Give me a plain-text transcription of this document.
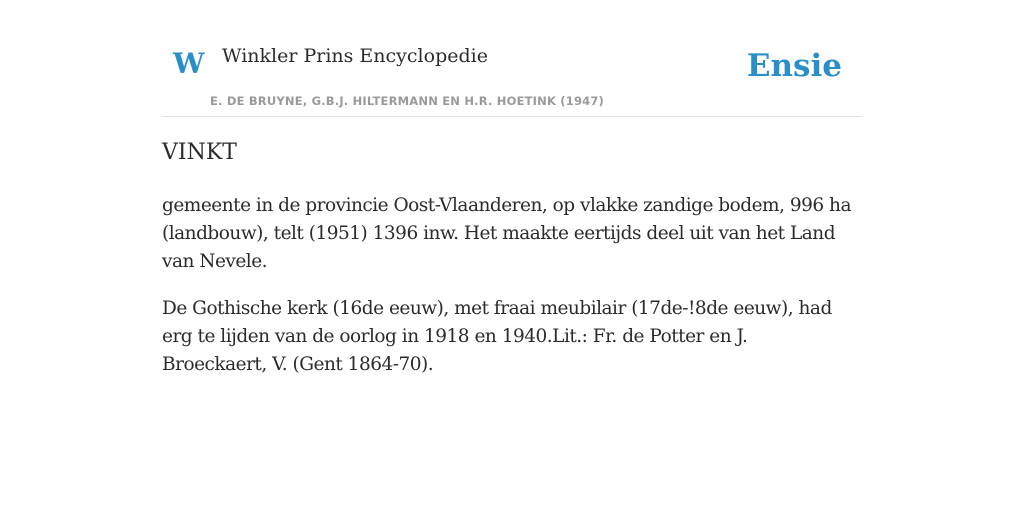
W Winkler Prins Encyclopedie
E. DE BRUYNE, G.B.J. HILTERMANN EN H.R. HOETINK (1947)
Ensie
VINKT

gemeente in de provincie Oost-Vlaanderen, op vlakke zandige bodem, 996 ha (landbouw), telt (1951) 1396 inw. Het maakte eertijds deel uit van het Land van Nevele.

De Gothische kerk (16de eeuw), met fraai meubilair (17de-!8de eeuw), had erg te lijden van de oorlog in 1918 en 1940.Lit.: Fr. de Potter en J. Broeckaert, V. (Gent 1864-70).
